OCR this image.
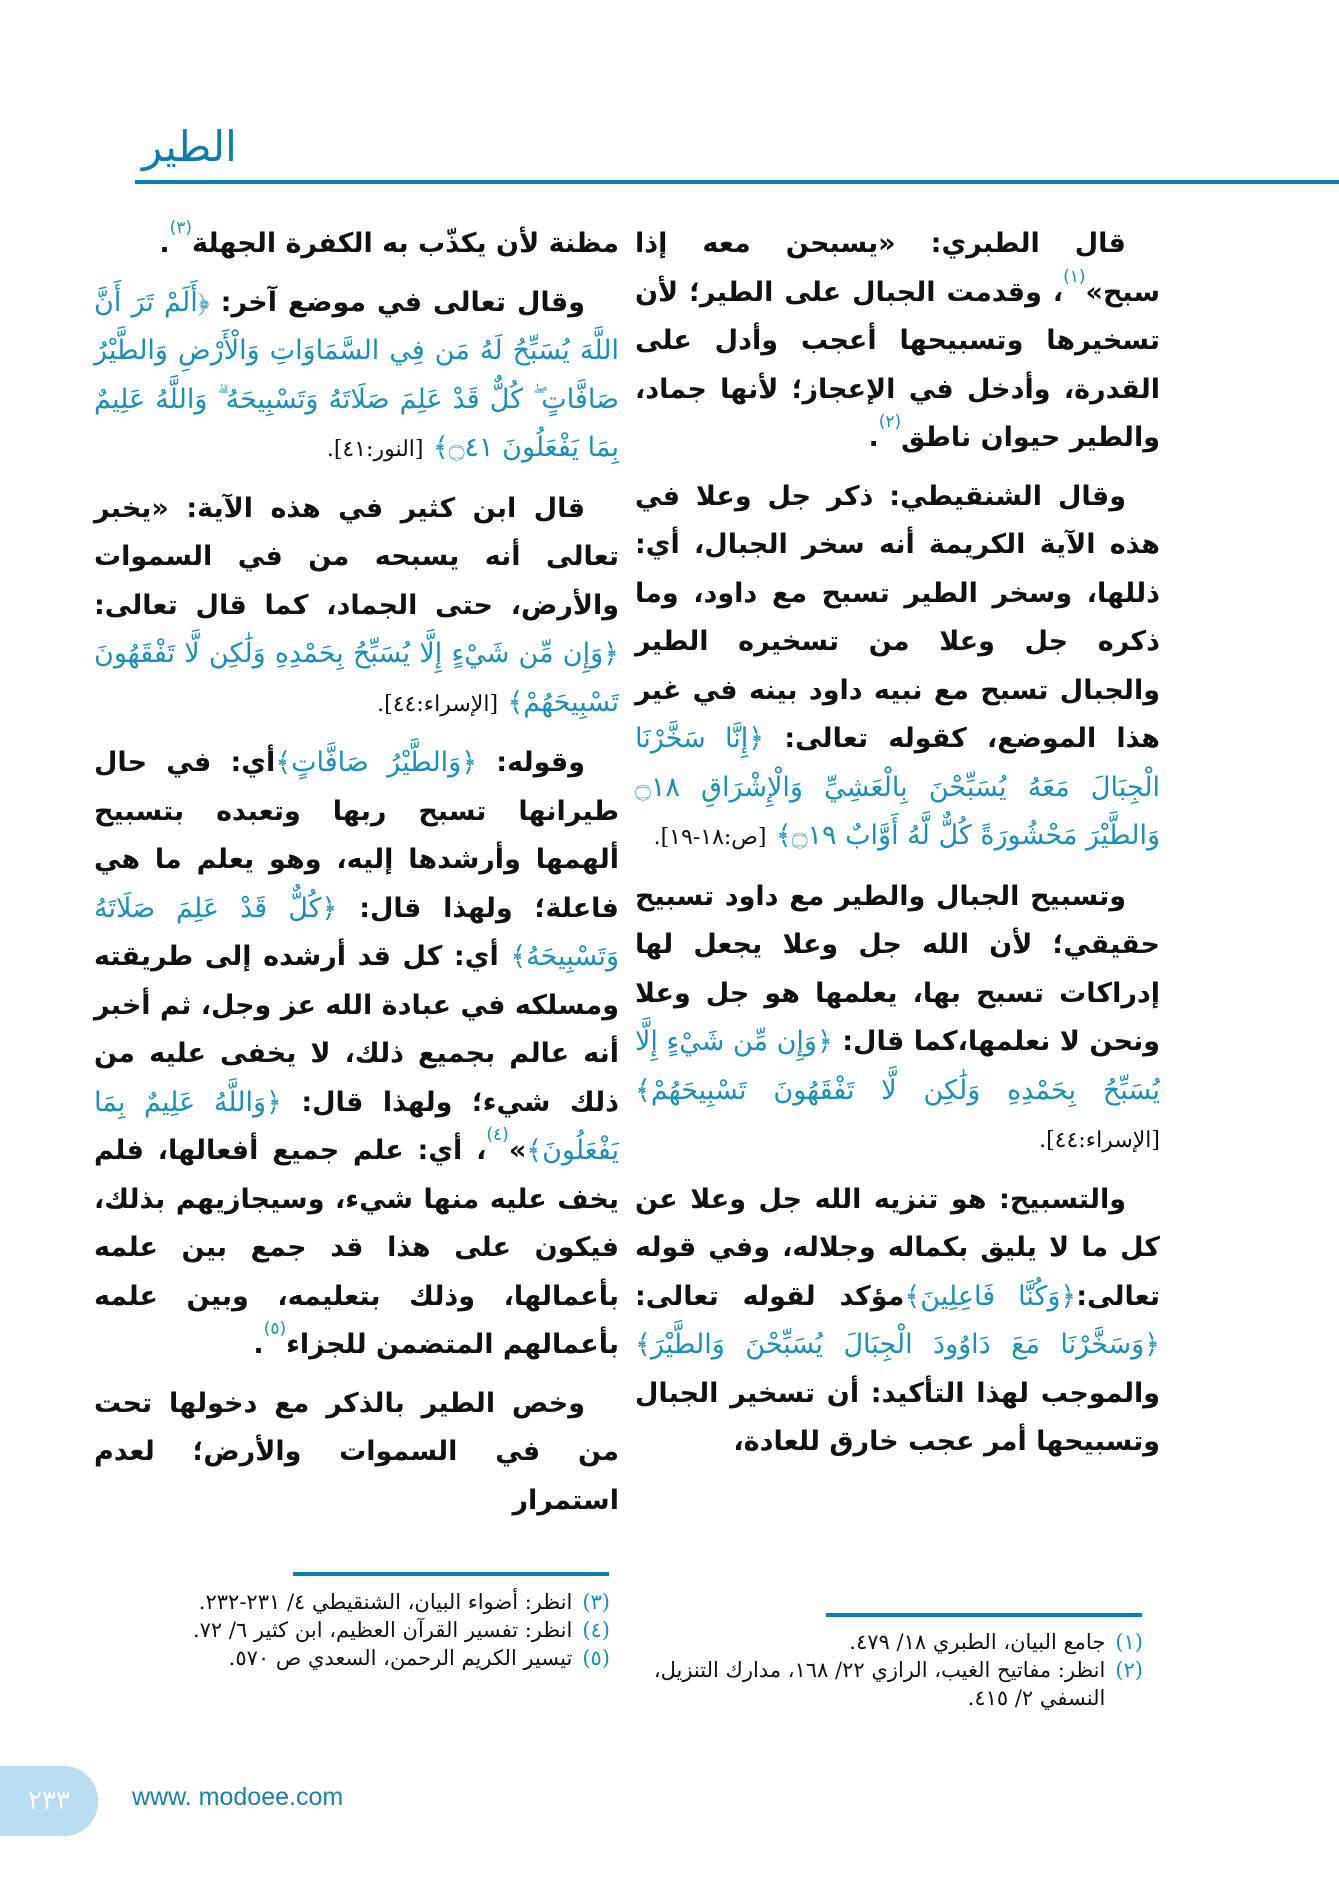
الطير

قال الطبري: «يسبحن معه إذا سبح»$^{(١)}$، وقدمت الجبال على الطير؛ لأن تسخيرها وتسبيحها أعجب وأدل على القدرة، وأدخل في الإعجاز؛ لأنها جماد، والطير حيوان ناطق$^{(٢)}$.

وقال الشنقيطي: ذكر جل وعلا في هذه الآية الكريمة أنه سخر الجبال، أي: ذللها، وسخر الطير تسبح مع داود، وما ذكره جل وعلا من تسخيره الطير والجبال تسبح مع نبيه داود بينه في غير هذا الموضع، كقوله تعالى: ﴿إِنَّا سَخَّرْنَا الْجِبَالَ مَعَهُ يُسَبِّحْنَ بِالْعَشِيِّ وَالْإِشْرَاقِ ۝١٨ وَالطَّيْرَ مَحْشُورَةً كُلٌّ لَّهُ أَوَّابٌ ۝١٩﴾ [ص:١٨-١٩].

وتسبيح الجبال والطير مع داود تسبيح حقيقي؛ لأن الله جل وعلا يجعل لها إدراكات تسبح بها، يعلمها هو جل وعلا ونحن لا نعلمها،كما قال: ﴿وَإِن مِّن شَيْءٍ إِلَّا يُسَبِّحُ بِحَمْدِهِ وَلَٰكِن لَّا تَفْقَهُونَ تَسْبِيحَهُمْ﴾ [الإسراء:٤٤].

والتسبيح: هو تنزيه الله جل وعلا عن كل ما لا يليق بكماله وجلاله، وفي قوله تعالى:﴿وَكُنَّا فَاعِلِينَ﴾مؤكد لقوله تعالى:﴿وَسَخَّرْنَا مَعَ دَاوُودَ الْجِبَالَ يُسَبِّحْنَ وَالطَّيْرَ﴾والموجب لهذا التأكيد: أن تسخير الجبال وتسبيحها أمر عجب خارق للعادة،

(١)
جامع البيان، الطبري ١٨/ ٤٧٩.
(٢)
انظر: مفاتيح الغيب، الرازي ٢٢/ ١٦٨، مدارك التنزيل، النسفي ٢/ ٤١٥.

مظنة لأن يكذّب به الكفرة الجهلة$^{(٣)}$.

وقال تعالى في موضع آخر: ﴿أَلَمْ تَرَ أَنَّ اللَّهَ يُسَبِّحُ لَهُ مَن فِي السَّمَاوَاتِ وَالْأَرْضِ وَالطَّيْرُ صَافَّاتٍ ۖ كُلٌّ قَدْ عَلِمَ صَلَاتَهُ وَتَسْبِيحَهُ ۗ وَاللَّهُ عَلِيمٌ بِمَا يَفْعَلُونَ ۝٤١﴾ [النور:٤١].

قال ابن كثير في هذه الآية: «يخبر تعالى أنه يسبحه من في السموات والأرض، حتى الجماد، كما قال تعالى: ﴿وَإِن مِّن شَيْءٍ إِلَّا يُسَبِّحُ بِحَمْدِهِ وَلَٰكِن لَّا تَفْقَهُونَ تَسْبِيحَهُمْ﴾ [الإسراء:٤٤].

وقوله: ﴿وَالطَّيْرُ صَافَّاتٍ﴾أي: في حال طيرانها تسبح ربها وتعبده بتسبيح ألهمها وأرشدها إليه، وهو يعلم ما هي فاعلة؛ ولهذا قال: ﴿كُلٌّ قَدْ عَلِمَ صَلَاتَهُ وَتَسْبِيحَهُ﴾ أي: كل قد أرشده إلى طريقته ومسلكه في عبادة الله عز وجل، ثم أخبر أنه عالم بجميع ذلك، لا يخفى عليه من ذلك شيء؛ ولهذا قال: ﴿وَاللَّهُ عَلِيمٌ بِمَا يَفْعَلُونَ﴾»$^{(٤)}$، أي: علم جميع أفعالها، فلم يخف عليه منها شيء، وسيجازيهم بذلك، فيكون على هذا قد جمع بين علمه بأعمالها، وذلك بتعليمه، وبين علمه بأعمالهم المتضمن للجزاء$^{(٥)}$.

وخص الطير بالذكر مع دخولها تحت من في السموات والأرض؛ لعدم استمرار

(٣)
انظر: أضواء البيان، الشنقيطي ٤/ ٢٣١-٢٣٢.
(٤)
انظر: تفسير القرآن العظيم، ابن كثير ٦/ ٧٢.
(٥)
تيسير الكريم الرحمن، السعدي ص ٥٧٠.
٢٣٣	www. modoee.com
